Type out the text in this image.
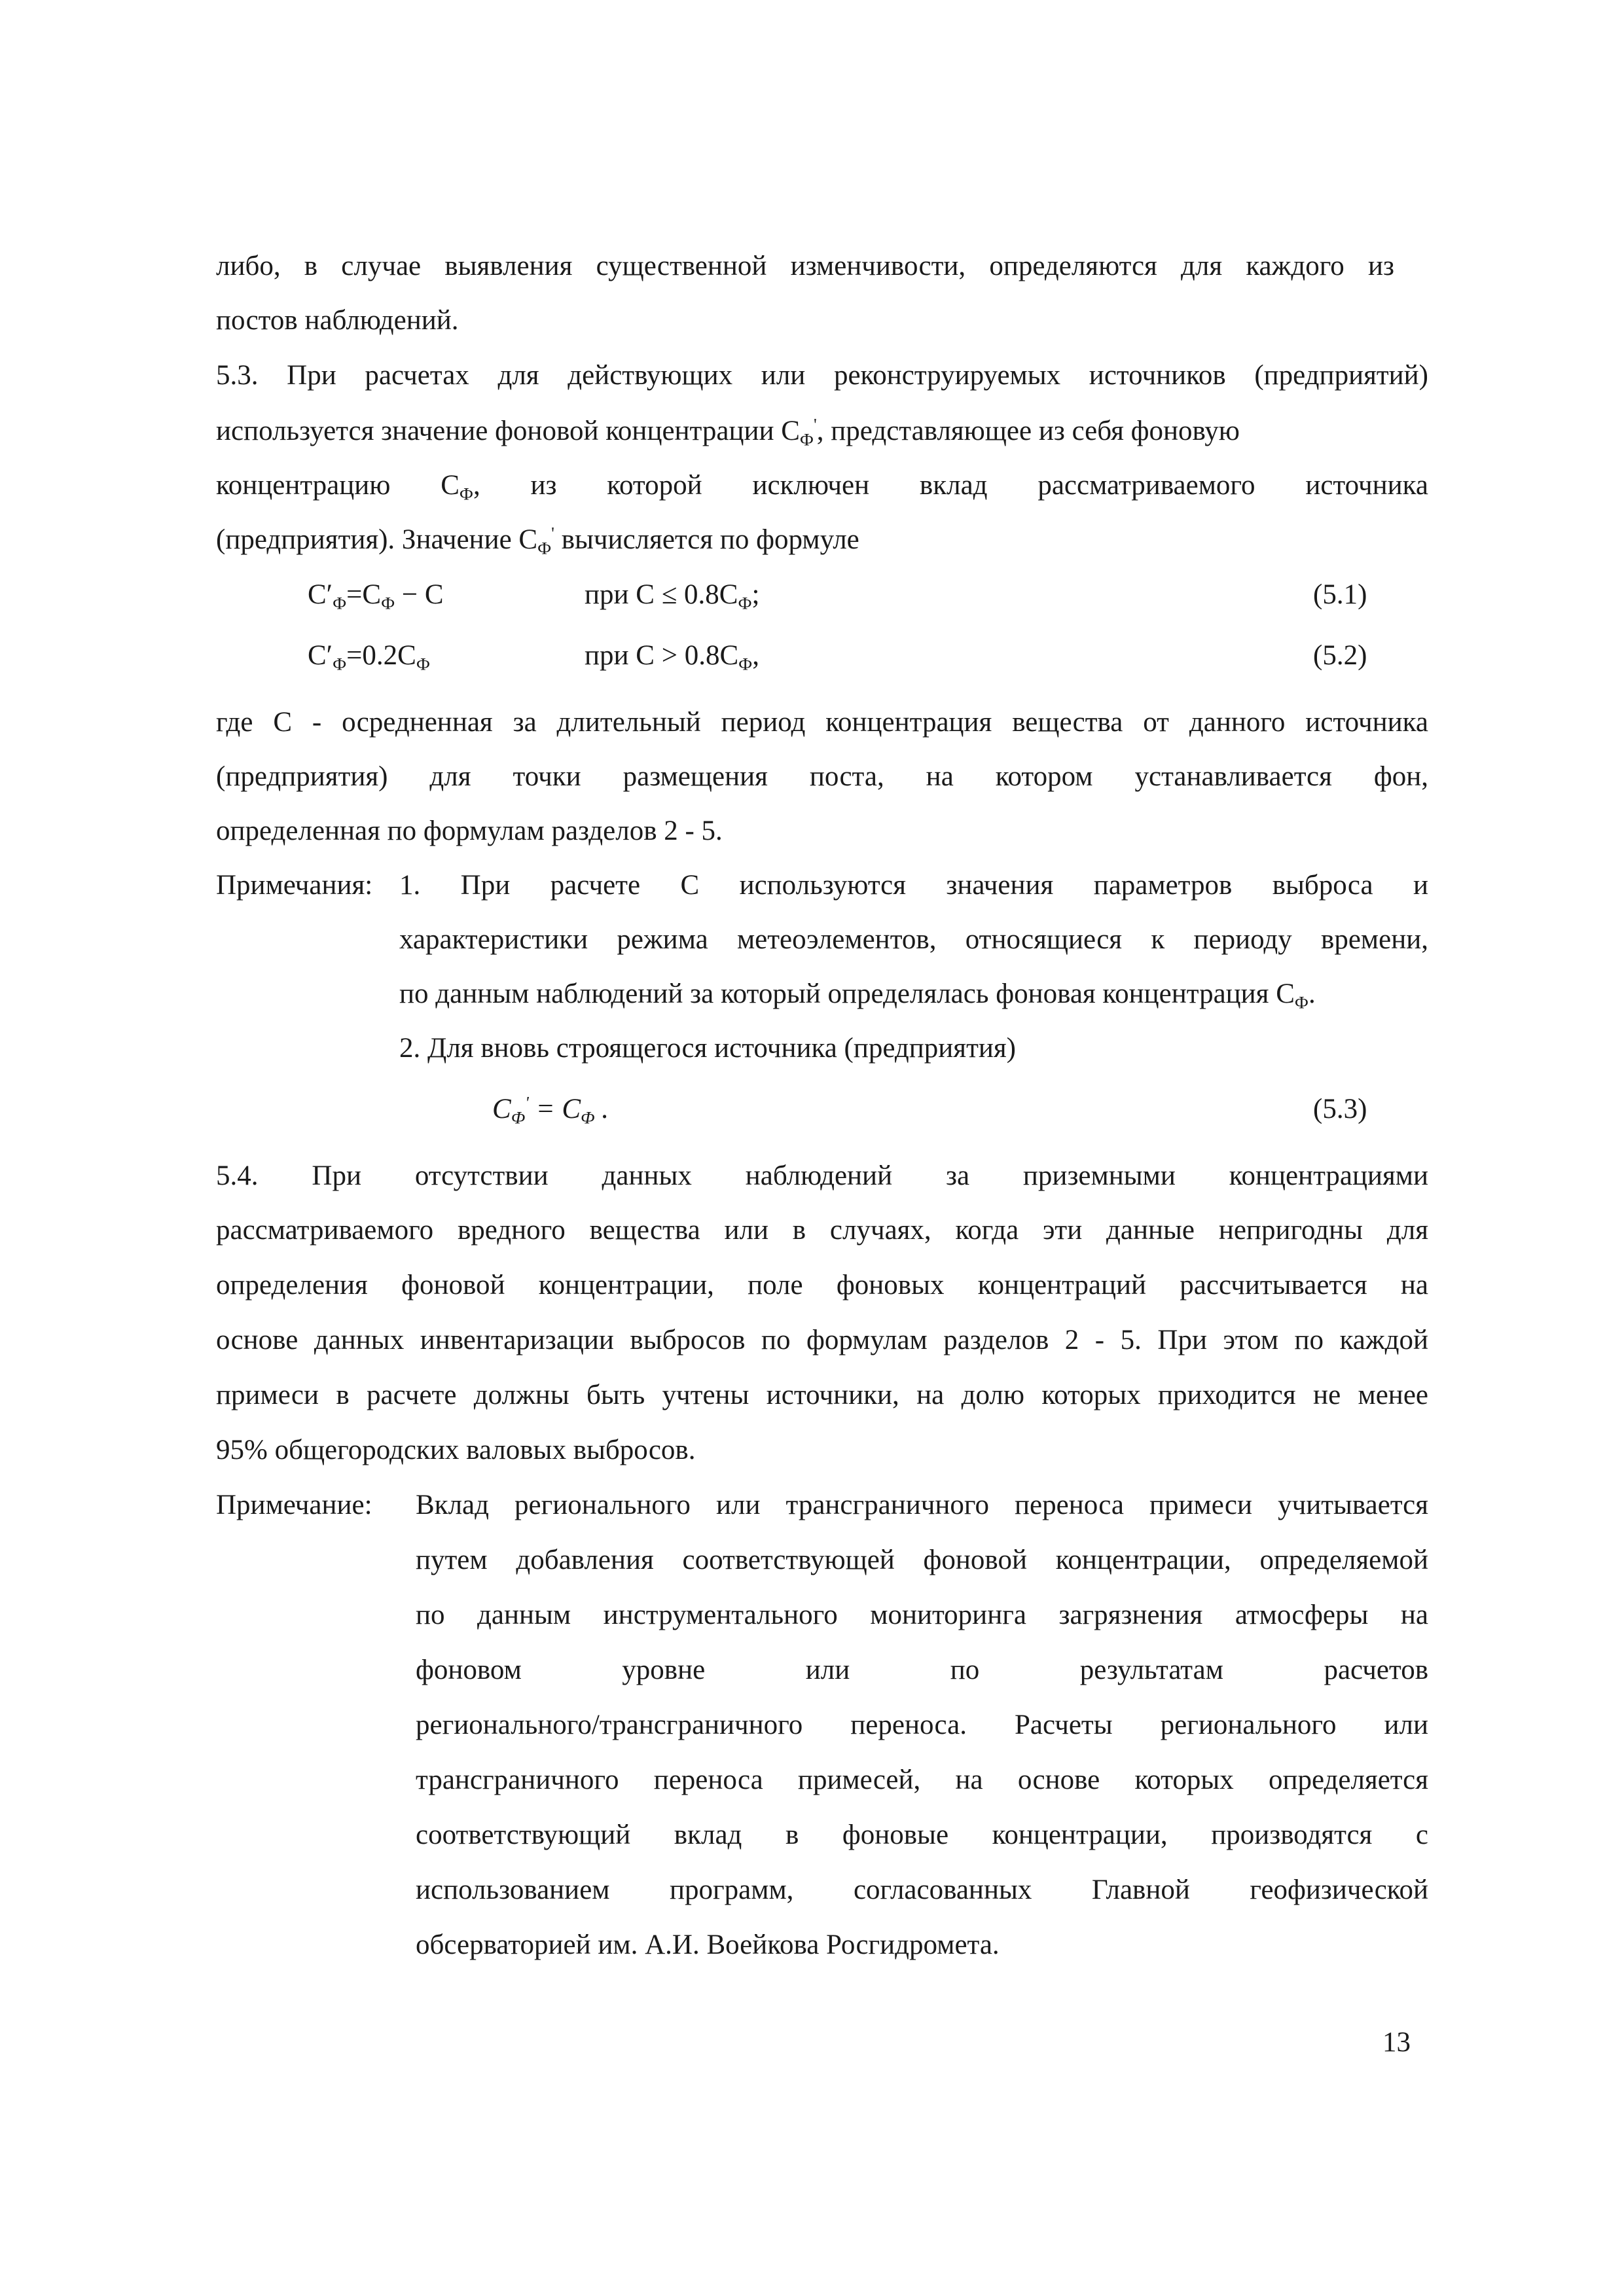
либо, в случае выявления существенной изменчивости, определяются для каждого из
постов наблюдений.
5.3. При расчетах для действующих или реконструируемых источников (предприятий)
используется значение фоновой концентрации $С_Ф'$, представляющее из себя фоновую
концентрацию $С_Ф$, из которой исключен вклад рассматриваемого источника
(предприятия). Значение $С_Ф'$ вычисляется по формуле
$C'_Ф=C_Ф - C$	при $C \le 0.8C_Ф$;	(5.1)
$C'_Ф=0.2C_Ф$	при $C > 0.8C_Ф$,	(5.2)
где С - осредненная за длительный период концентрация вещества от данного источника
(предприятия) для точки размещения поста, на котором устанавливается фон,
определенная по формулам разделов 2 - 5.
Примечания: 1. При расчете С используются значения параметров выброса и
характеристики режима метеоэлементов, относящиеся к периоду времени,
по данным наблюдений за который определялась фоновая концентрация $С_Ф$.
2. Для вновь строящегося источника (предприятия)
$C_Ф' = C_Ф$ .	(5.3)
5.4. При отсутствии данных наблюдений за приземными концентрациями
рассматриваемого вредного вещества или в случаях, когда эти данные непригодны для
определения фоновой концентрации, поле фоновых концентраций рассчитывается на
основе данных инвентаризации выбросов по формулам разделов 2 - 5. При этом по каждой
примеси в расчете должны быть учтены источники, на долю которых приходится не менее
95% общегородских валовых выбросов.
Примечание: Вклад регионального или трансграничного переноса примеси учитывается
путем добавления соответствующей фоновой концентрации, определяемой
по данным инструментального мониторинга загрязнения атмосферы на
фоновом уровне или по результатам расчетов
регионального/трансграничного переноса. Расчеты регионального или
трансграничного переноса примесей, на основе которых определяется
соответствующий вклад в фоновые концентрации, производятся с
использованием программ, согласованных Главной геофизической
обсерваторией им. А.И. Воейкова Росгидромета.
13
